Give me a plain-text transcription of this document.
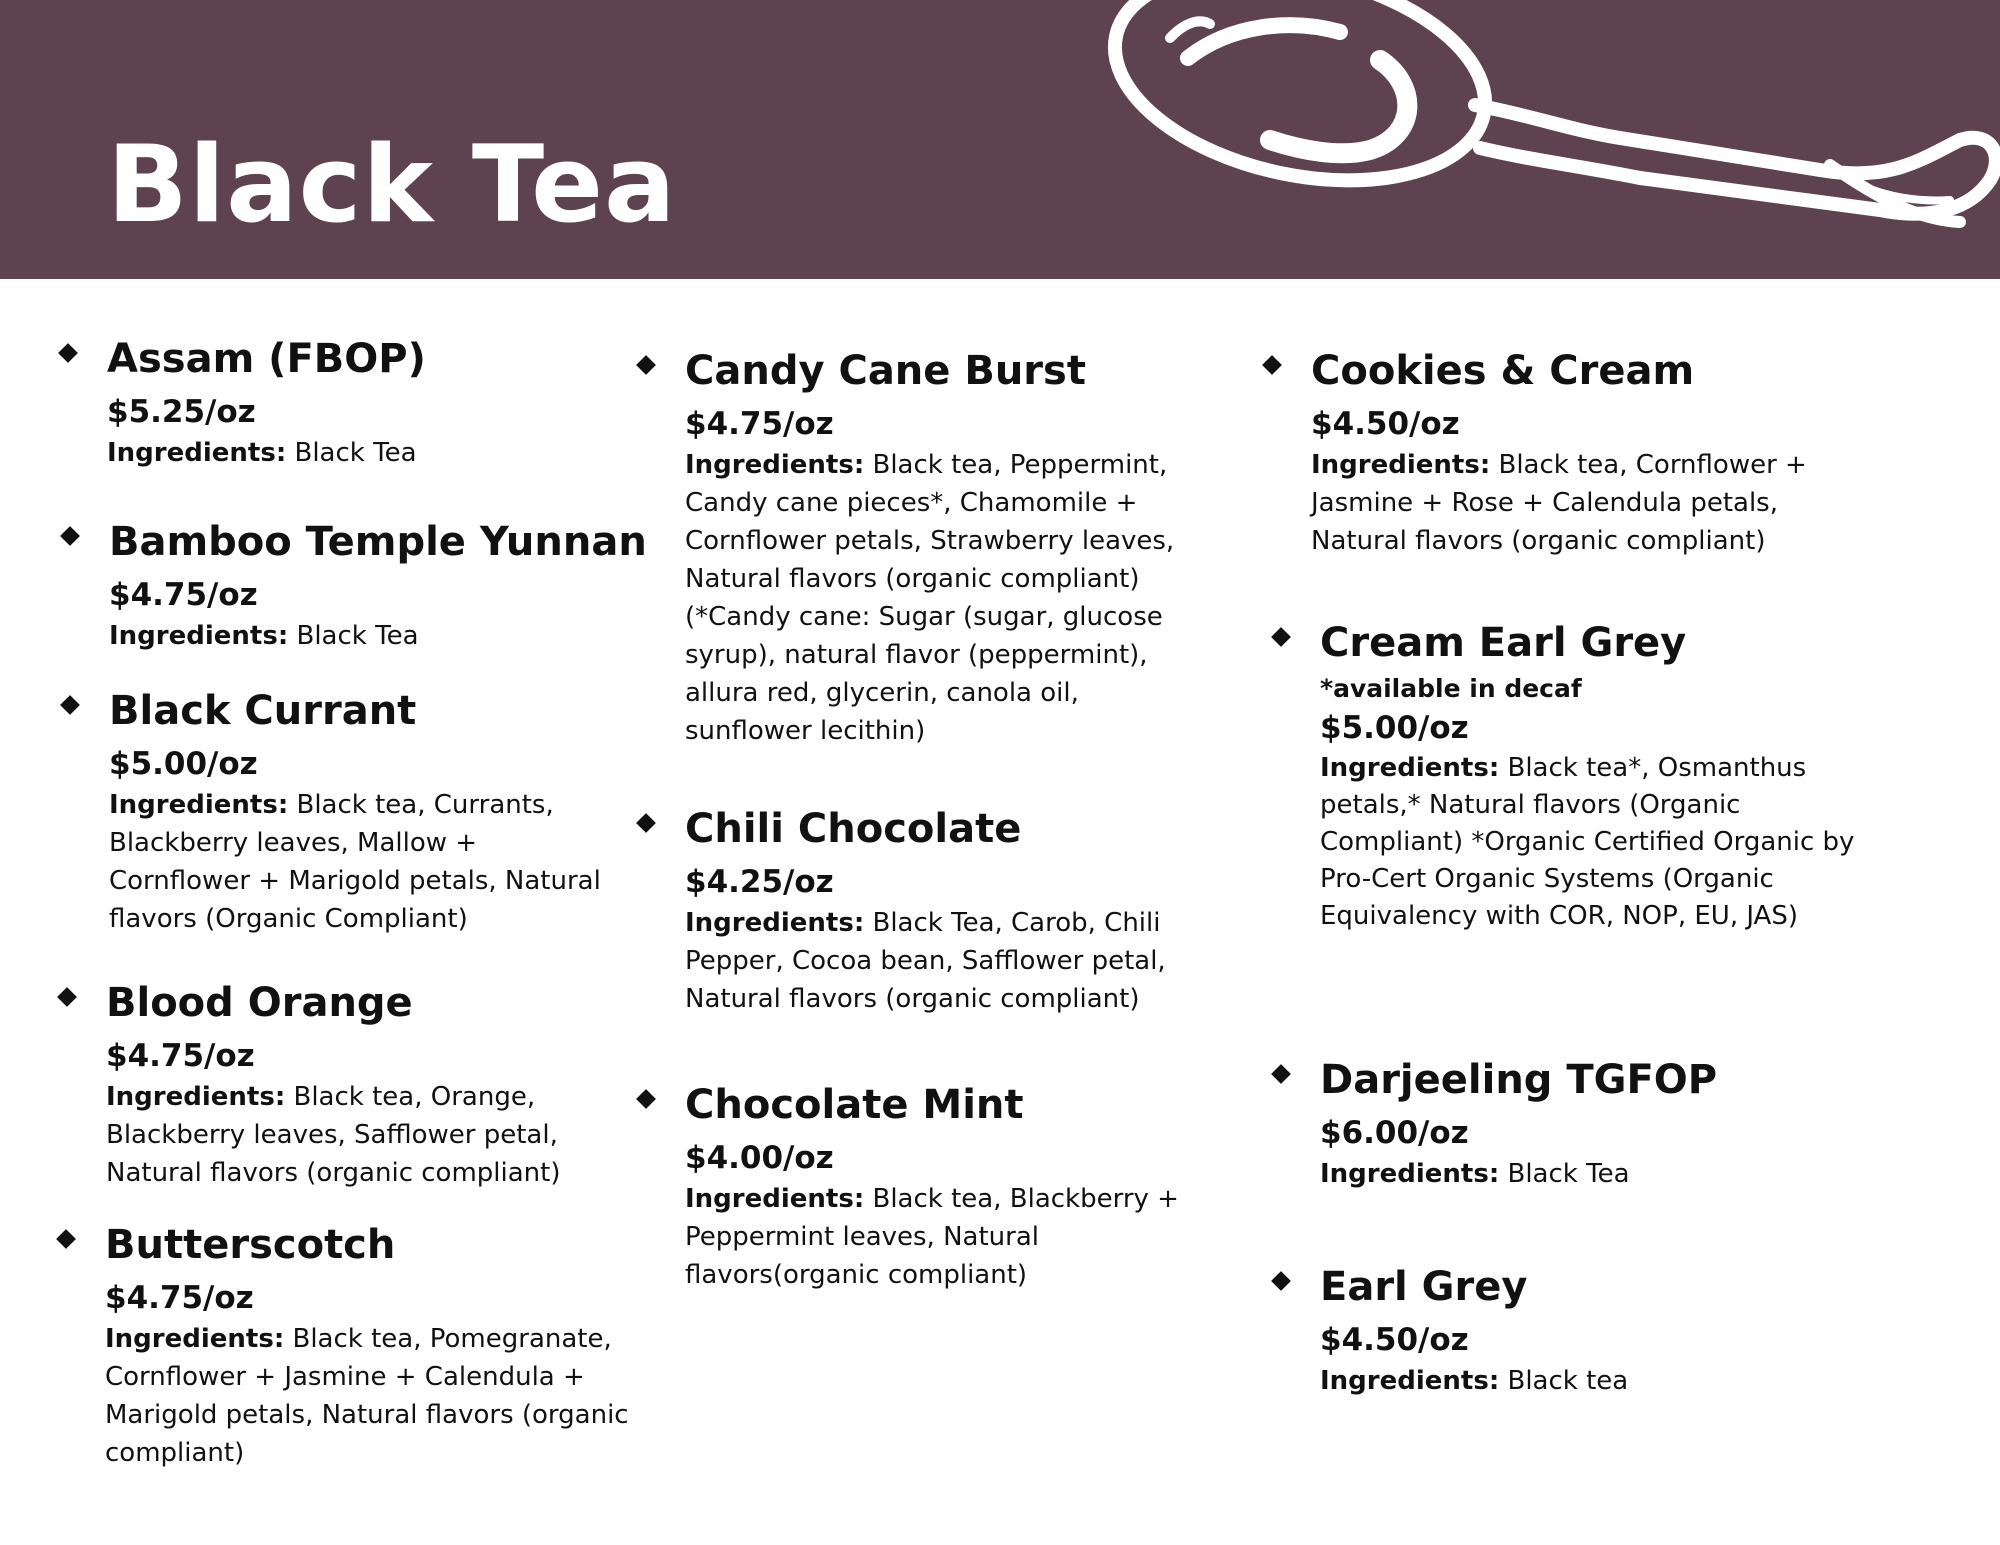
Black Tea
Assam (FBOP)
$5.25/oz

Ingredients: Black Tea

Bamboo Temple Yunnan
$4.75/oz

Ingredients: Black Tea

Black Currant
$5.00/oz

Ingredients: Black tea, Currants, Blackberry leaves, Mallow + Cornflower + Marigold petals, Natural flavors (Organic Compliant)

Blood Orange
$4.75/oz

Ingredients: Black tea, Orange, Blackberry leaves, Safflower petal, Natural flavors (organic compliant)

Butterscotch
$4.75/oz

Ingredients: Black tea, Pomegranate, Cornflower + Jasmine + Calendula + Marigold petals, Natural flavors (organic compliant)

Candy Cane Burst
$4.75/oz

Ingredients: Black tea, Peppermint, Candy cane pieces*, Chamomile + Cornflower petals, Strawberry leaves, Natural flavors (organic compliant) (*Candy cane: Sugar (sugar, glucose syrup), natural flavor (peppermint), allura red, glycerin, canola oil, sunflower lecithin)

Chili Chocolate
$4.25/oz

Ingredients: Black Tea, Carob, Chili Pepper, Cocoa bean, Safflower petal, Natural flavors (organic compliant)

Chocolate Mint
$4.00/oz

Ingredients: Black tea, Blackberry + Peppermint leaves, Natural flavors(organic compliant)

Cookies & Cream
$4.50/oz

Ingredients: Black tea, Cornflower + Jasmine + Rose + Calendula petals, Natural flavors (organic compliant)

Cream Earl Grey
*available in decaf
$5.00/oz

Ingredients: Black tea*, Osmanthus petals,* Natural flavors (Organic Compliant) *Organic Certified Organic by Pro-Cert Organic Systems (Organic Equivalency with COR, NOP, EU, JAS)

Darjeeling TGFOP
$6.00/oz

Ingredients: Black Tea

Earl Grey
$4.50/oz

Ingredients: Black tea
